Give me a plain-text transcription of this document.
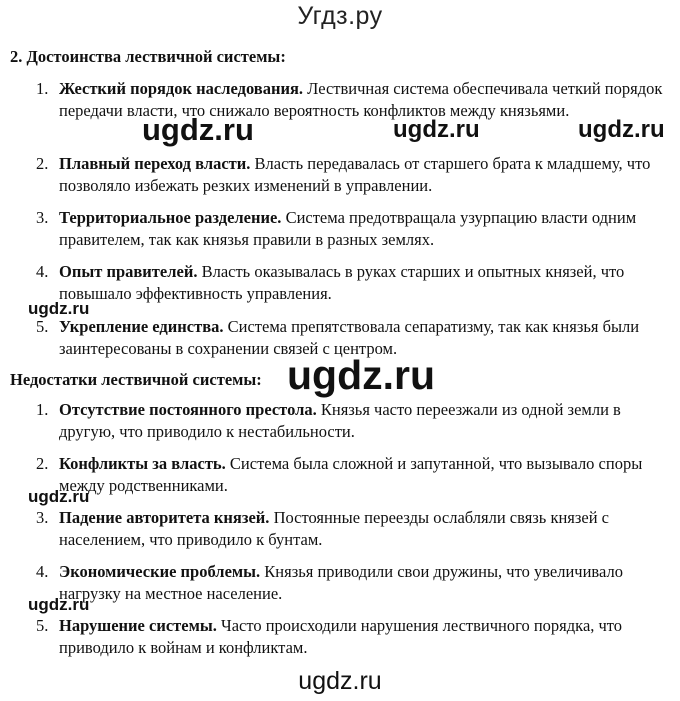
Угдз.ру
2. Достоинства лествичной системы:
1. Жесткий порядок наследования. Лествичная система обеспечивала четкий порядок передачи власти, что снижало вероятность конфликтов между князьями.
2. Плавный переход власти. Власть передавалась от старшего брата к младшему, что позволяло избежать резких изменений в управлении.
3. Территориальное разделение. Система предотвращала узурпацию власти одним правителем, так как князья правили в разных землях.
4. Опыт правителей. Власть оказывалась в руках старших и опытных князей, что повышало эффективность управления.
5. Укрепление единства. Система препятствовала сепаратизму, так как князья были заинтересованы в сохранении связей с центром.
Недостатки лествичной системы:
1. Отсутствие постоянного престола. Князья часто переезжали из одной земли в другую, что приводило к нестабильности.
2. Конфликты за власть. Система была сложной и запутанной, что вызывало споры между родственниками.
3. Падение авторитета князей. Постоянные переезды ослабляли связь князей с населением, что приводило к бунтам.
4. Экономические проблемы. Князья приводили свои дружины, что увеличивало нагрузку на местное население.
5. Нарушение системы. Часто происходили нарушения лествичного порядка, что приводило к войнам и конфликтам.
ugdz.ru	ugdz.ru	ugdz.ru
ugdz.ru
ugdz.ru
ugdz.ru
ugdz.ru
ugdz.ru
